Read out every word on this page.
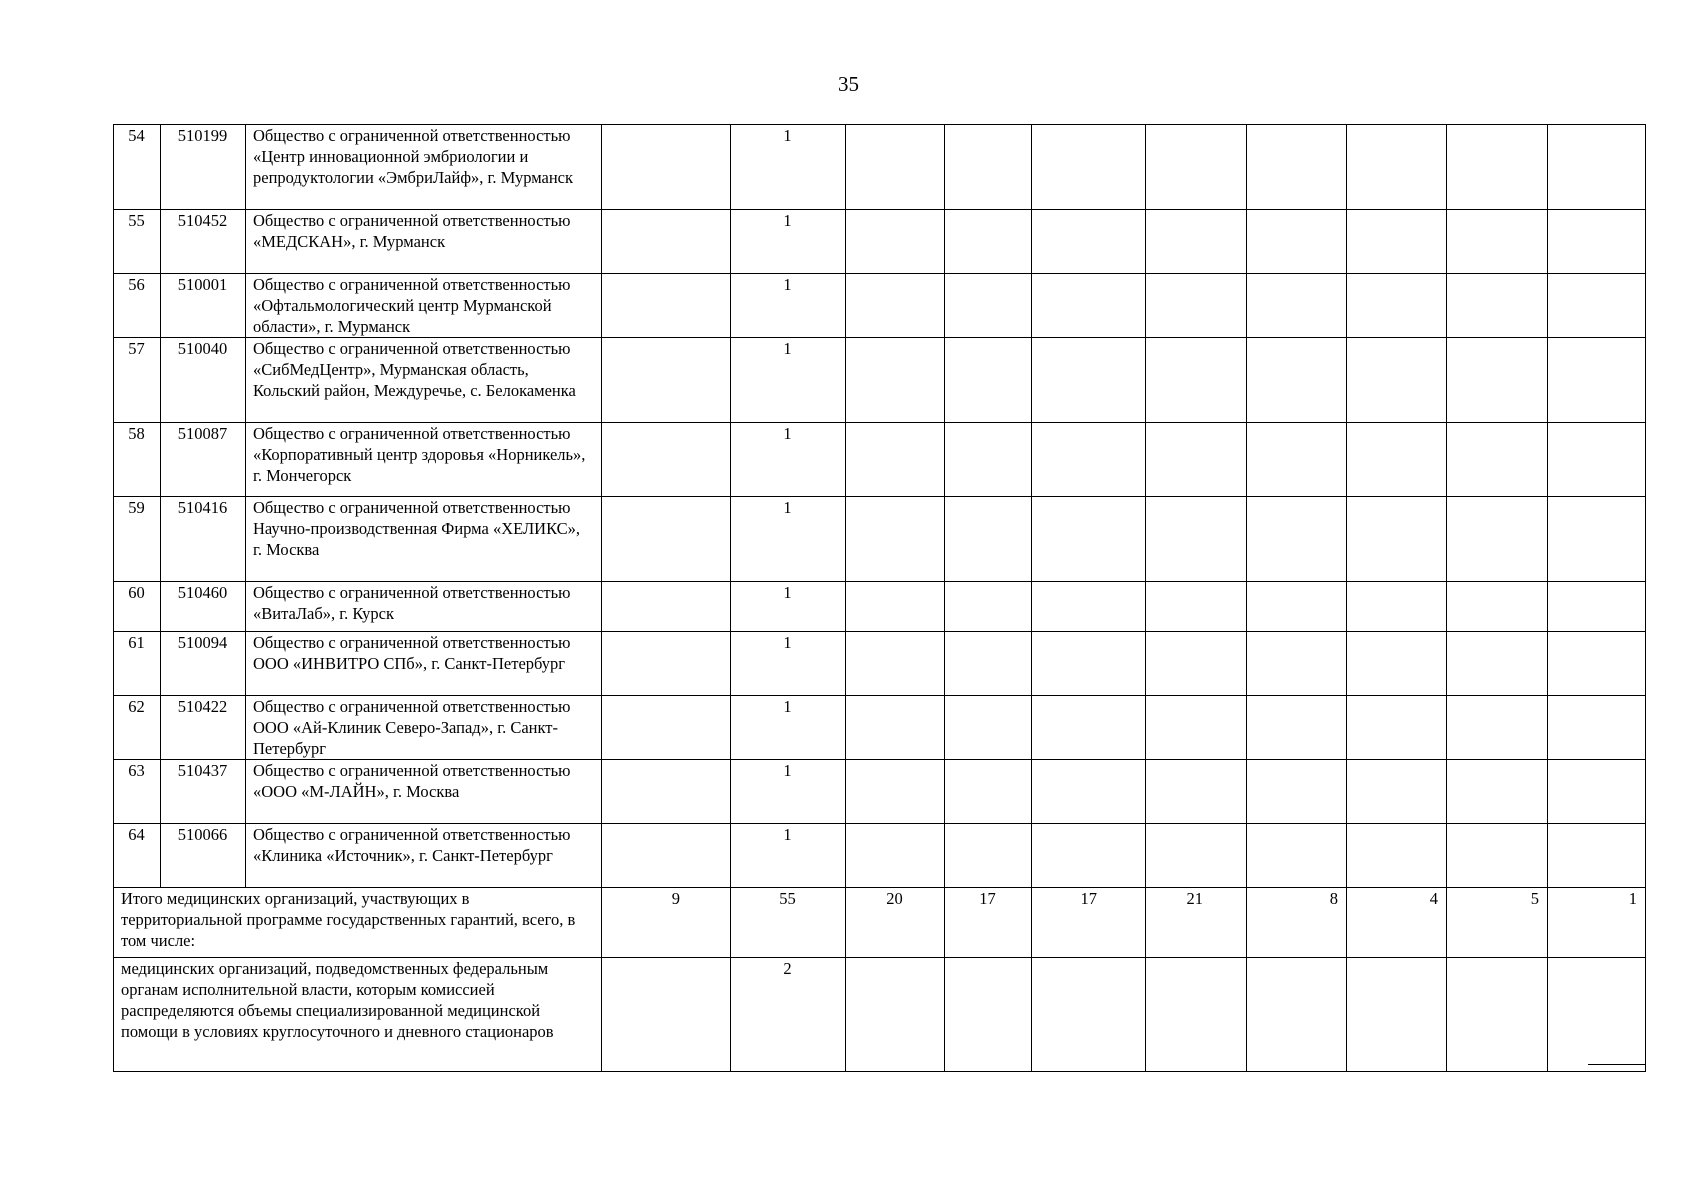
35
54	510199	Общество с ограниченной ответственностью «Центр инновационной эмбриологии и репродуктологии «ЭмбриЛайф», г. Мурманск		1								
55	510452	Общество с ограниченной ответственностью «МЕДСКАН», г. Мурманск		1								
56	510001	Общество с ограниченной ответственностью «Офтальмологический центр Мурманской области», г. Мурманск		1								
57	510040	Общество с ограниченной ответственностью «СибМедЦентр», Мурманская область, Кольский район, Междуречье, с. Белокаменка		1								
58	510087	Общество с ограниченной ответственностью «Корпоративный центр здоровья «Норникель», г. Мончегорск		1								
59	510416	Общество с ограниченной ответственностью Научно-производственная Фирма «ХЕЛИКС», г. Москва		1								
60	510460	Общество с ограниченной ответственностью «ВитаЛаб», г. Курск		1								
61	510094	Общество с ограниченной ответственностью ООО «ИНВИТРО СПб», г. Санкт-Петербург		1								
62	510422	Общество с ограниченной ответственностью ООО «Ай-Клиник Северо-Запад», г. Санкт-Петербург		1								
63	510437	Общество с ограниченной ответственностью «ООО «М-ЛАЙН», г. Москва		1								
64	510066	Общество с ограниченной ответственностью «Клиника «Источник», г. Санкт-Петербург		1								
Итого медицинских организаций, участвующих в территориальной программе государственных гарантий, всего, в том числе:			9	55	20	17	17	21	8	4	5	1
медицинских организаций, подведомственных федеральным органам исполнительной власти, которым комиссией распределяются объемы специализированной медицинской помощи в условиях круглосуточного и дневного стационаров				2								
